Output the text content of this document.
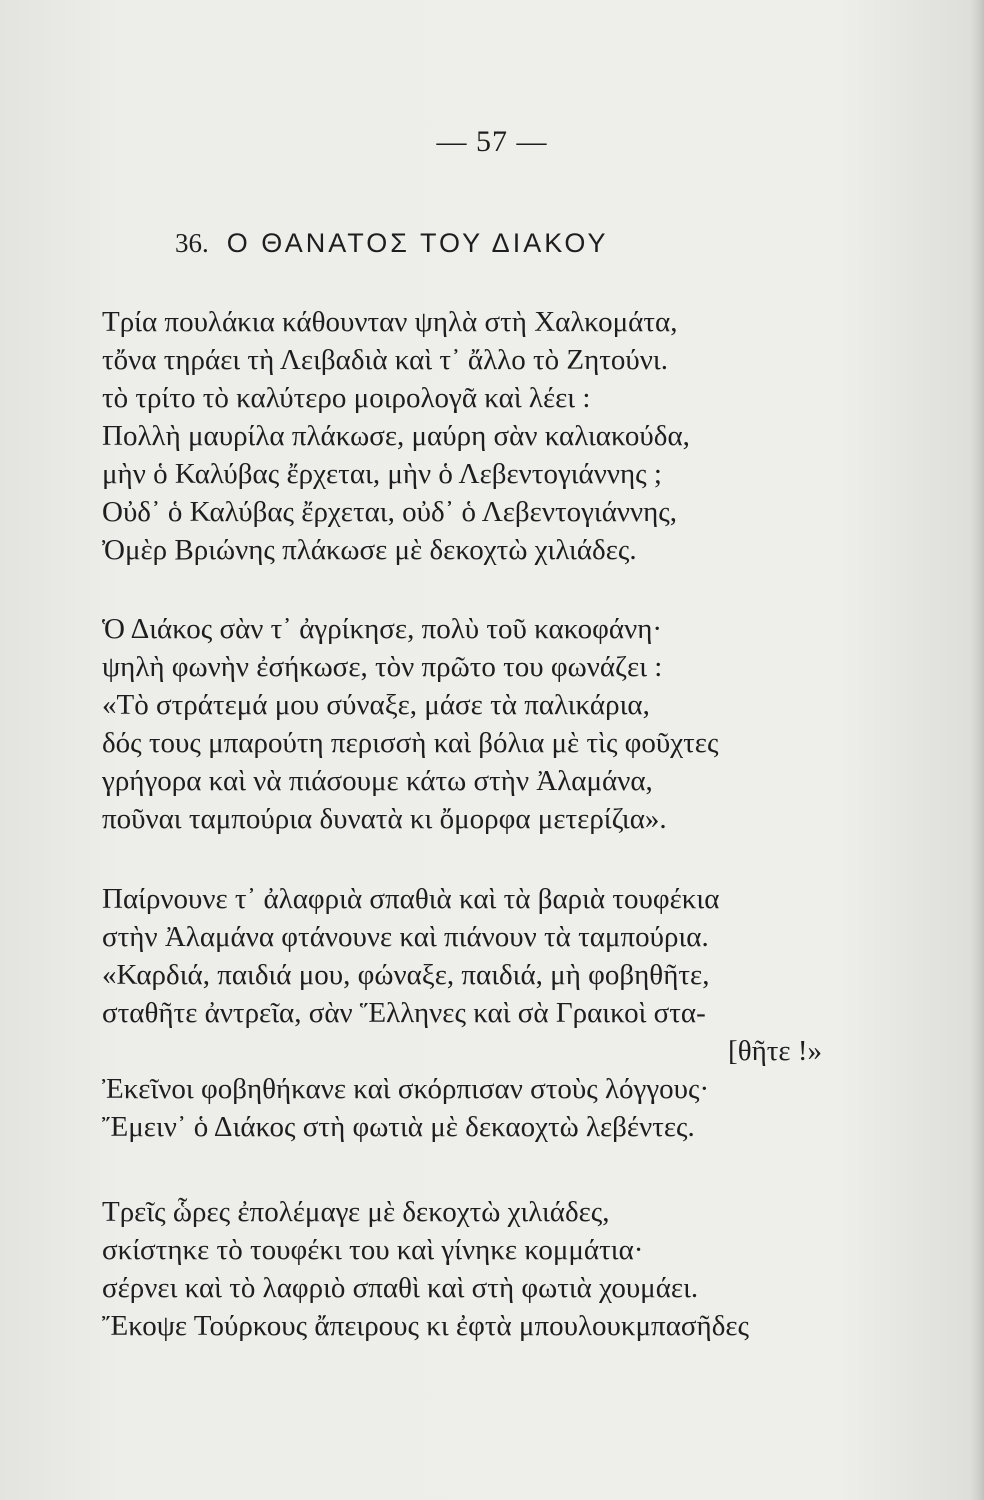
— 57 —
36. Ο ΘΑΝΑΤΟΣ ΤΟΥ ΔΙΑΚΟΥ
Τρία πουλάκια κάθουνταν ψηλὰ στὴ Χαλκομάτα,
τὄνα τηράει τὴ Λειβαδιὰ καὶ τ᾽ ἄλλο τὸ Ζητούνι.
τὸ τρίτο τὸ καλύτερο μοιρολογᾶ καὶ λέει :
Πολλὴ μαυρίλα πλάκωσε, μαύρη σὰν καλιακούδα,
μὴν ὁ Καλύβας ἔρχεται, μὴν ὁ Λεβεντογιάννης ;
Οὐδ᾽ ὁ Καλύβας ἔρχεται, οὐδ᾽ ὁ Λεβεντογιάννης,
Ὀμὲρ Βριώνης πλάκωσε μὲ δεκοχτὼ χιλιάδες.
Ὁ Διάκος σὰν τ᾽ ἀγρίκησε, πολὺ τοῦ κακοφάνη·
ψηλὴ φωνὴν ἐσήκωσε, τὸν πρῶτο του φωνάζει :
«Τὸ στράτεμά μου σύναξε, μάσε τὰ παλικάρια,
δός τους μπαρούτη περισσὴ καὶ βόλια μὲ τὶς φοῦχτες
γρήγορα καὶ νὰ πιάσουμε κάτω στὴν Ἀλαμάνα,
ποῦναι ταμπούρια δυνατὰ κι ὄμορφα μετερίζια».
Παίρνουνε τ᾽ ἀλαφριὰ σπαθιὰ καὶ τὰ βαριὰ τουφέκια
στὴν Ἀλαμάνα φτάνουνε καὶ πιάνουν τὰ ταμπούρια.
«Καρδιά, παιδιά μου, φώναξε, παιδιά, μὴ φοβηθῆτε,
σταθῆτε ἀντρεῖα, σὰν Ἕλληνες καὶ σὰ Γραικοὶ στα-
[θῆτε !»
Ἐκεῖνοι φοβηθήκανε καὶ σκόρπισαν στοὺς λόγγους·
Ἔμειν᾽ ὁ Διάκος στὴ φωτιὰ μὲ δεκαοχτὼ λεβέντες.
Τρεῖς ὧρες ἐπολέμαγε μὲ δεκοχτὼ χιλιάδες,
σκίστηκε τὸ τουφέκι του καὶ γίνηκε κομμάτια·
σέρνει καὶ τὸ λαφριὸ σπαθὶ καὶ στὴ φωτιὰ χουμάει.
Ἔκοψε Τούρκους ἄπειρους κι ἐφτὰ μπουλουκμπασῆδες
